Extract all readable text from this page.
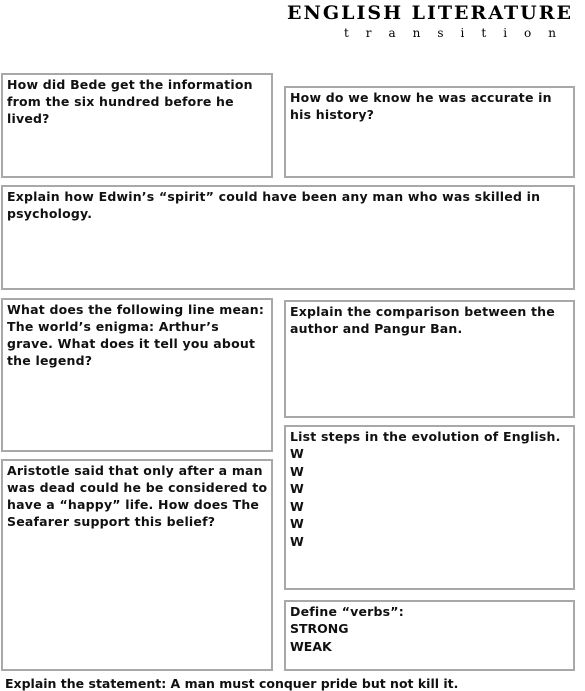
ENGLISH LITERATURE
transition
How did Bede get the information from the six hundred before he lived?
How do we know he was accurate in his history?
Explain how Edwin’s “spirit” could have been any man who was skilled in psychology.
What does the following line mean: The world’s enigma: Arthur’s grave. What does it tell you about the legend?
Explain the comparison between the author and Pangur Ban.
List steps in the evolution of English.
W
W
W
W
W
W
Aristotle said that only after a man was dead could he be considered to have a “happy” life. How does The Seafarer support this belief?
Define “verbs”:
STRONG
WEAK
Explain the statement: A man must conquer pride but not kill it.
